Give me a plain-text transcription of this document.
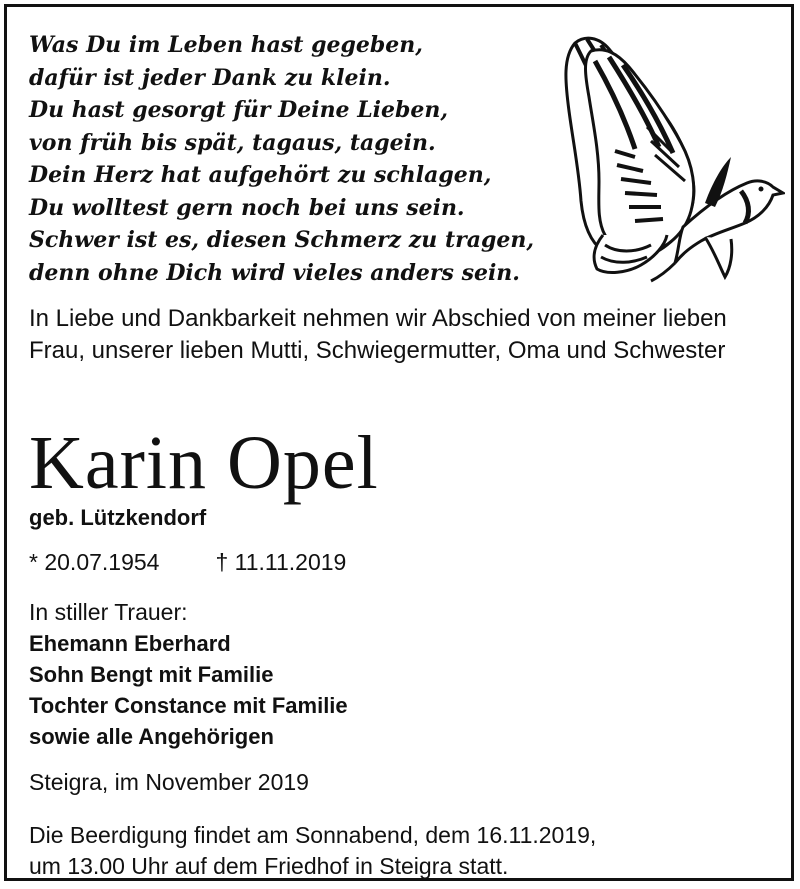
Was Du im Leben hast gegeben,
dafür ist jeder Dank zu klein.
Du hast gesorgt für Deine Lieben,
von früh bis spät, tagaus, tagein.
Dein Herz hat aufgehört zu schlagen,
Du wolltest gern noch bei uns sein.
Schwer ist es, diesen Schmerz zu tragen,
denn ohne Dich wird vieles anders sein.
In Liebe und Dankbarkeit nehmen wir Abschied von meiner lieben Frau, unserer lieben Mutti, Schwiegermutter, Oma und Schwester
Karin Opel
geb. Lützkendorf
* 20.07.1954 † 11.11.2019
In stiller Trauer:
Ehemann Eberhard
Sohn Bengt mit Familie
Tochter Constance mit Familie
sowie alle Angehörigen
Steigra, im November 2019
Die Beerdigung findet am Sonnabend, dem 16.11.2019,
um 13.00 Uhr auf dem Friedhof in Steigra statt.
